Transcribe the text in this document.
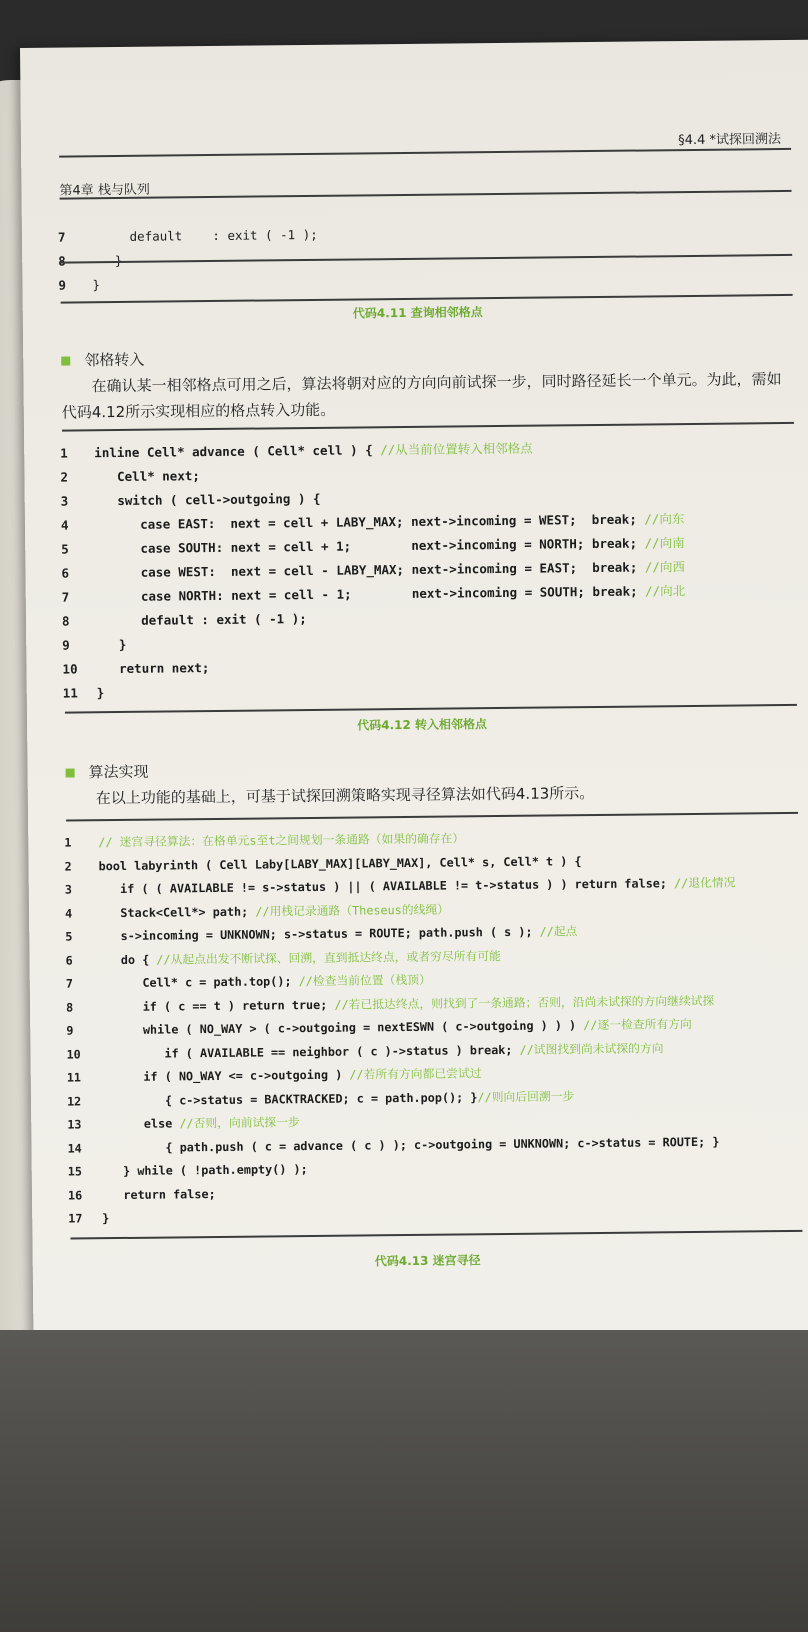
§4.4 *试探回溯法
第4章 栈与队列
7     default    : exit ( -1 );
8   }
9 }
代码4.11 查询相邻格点
邻格转入
在确认某一相邻格点可用之后，算法将朝对应的方向向前试探一步，同时路径延长一个单元。为此，需如代码4.12所示实现相应的格点转入功能。
1 inline Cell* advance ( Cell* cell ) { //从当前位置转入相邻格点
2   Cell* next;
3   switch ( cell->outgoing ) {
4      case EAST:  next = cell + LABY_MAX; next->incoming = WEST;  break; //向东
5      case SOUTH: next = cell + 1;        next->incoming = NORTH; break; //向南
6      case WEST:  next = cell - LABY_MAX; next->incoming = EAST;  break; //向西
7      case NORTH: next = cell - 1;        next->incoming = SOUTH; break; //向北
8      default : exit ( -1 );
9   }
10   return next;
11 }
代码4.12 转入相邻格点
算法实现
在以上功能的基础上，可基于试探回溯策略实现寻径算法如代码4.13所示。
1 // 迷宫寻径算法：在格单元s至t之间规划一条通路（如果的确存在）
2 bool labyrinth ( Cell Laby[LABY_MAX][LABY_MAX], Cell* s, Cell* t ) {
3   if ( ( AVAILABLE != s->status ) || ( AVAILABLE != t->status ) ) return false; //退化情况
4   Stack<Cell*> path; //用栈记录通路（Theseus的线绳）
5   s->incoming = UNKNOWN; s->status = ROUTE; path.push ( s ); //起点
6   do { //从起点出发不断试探、回溯，直到抵达终点，或者穷尽所有可能
7      Cell* c = path.top(); //检查当前位置（栈顶）
8      if ( c == t ) return true; //若已抵达终点，则找到了一条通路；否则，沿尚未试探的方向继续试探
9      while ( NO_WAY > ( c->outgoing = nextESWN ( c->outgoing ) ) ) //逐一检查所有方向
10         if ( AVAILABLE == neighbor ( c )->status ) break; //试图找到尚未试探的方向
11      if ( NO_WAY <= c->outgoing ) //若所有方向都已尝试过
12         { c->status = BACKTRACKED; c = path.pop(); }//则向后回溯一步
13      else //否则，向前试探一步
14         { path.push ( c = advance ( c ) ); c->outgoing = UNKNOWN; c->status = ROUTE; }
15   } while ( !path.empty() );
16   return false;
17 }
代码4.13 迷宫寻径
